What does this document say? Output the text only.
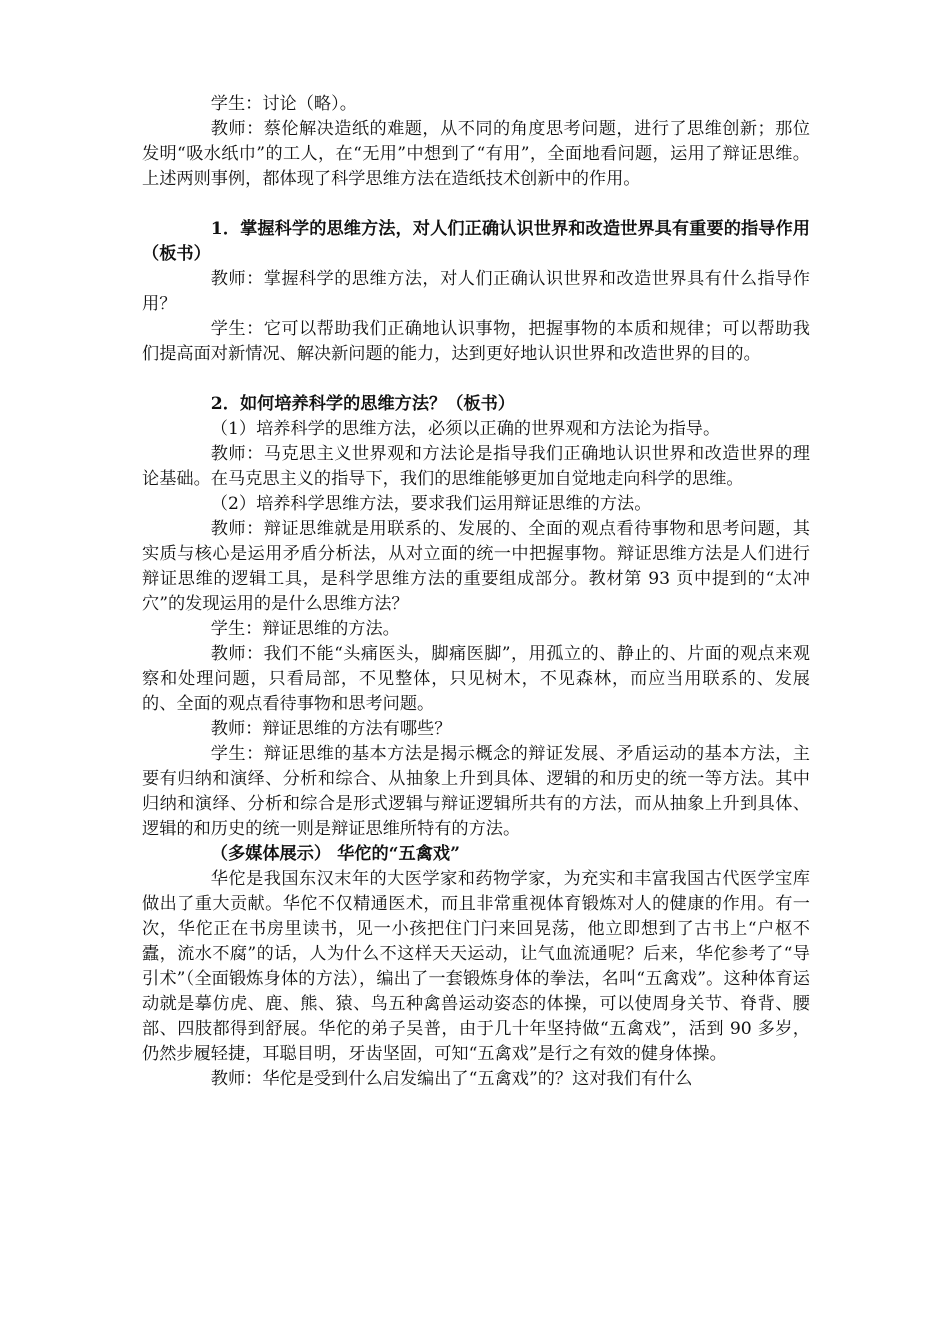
学生：讨论（略）。

教师：蔡伦解决造纸的难题，从不同的角度思考问题，进行了思维创新；那位发明“吸水纸巾”的工人，在“无用”中想到了“有用”，全面地看问题，运用了辩证思维。上述两则事例，都体现了科学思维方法在造纸技术创新中的作用。

1．掌握科学的思维方法，对人们正确认识世界和改造世界具有重要的指导作用（板书）

教师：掌握科学的思维方法，对人们正确认识世界和改造世界具有什么指导作用？

学生：它可以帮助我们正确地认识事物，把握事物的本质和规律；可以帮助我们提高面对新情况、解决新问题的能力，达到更好地认识世界和改造世界的目的。

2．如何培养科学的思维方法？（板书）

（1）培养科学的思维方法，必须以正确的世界观和方法论为指导。

教师：马克思主义世界观和方法论是指导我们正确地认识世界和改造世界的理论基础。在马克思主义的指导下，我们的思维能够更加自觉地走向科学的思维。

（2）培养科学思维方法，要求我们运用辩证思维的方法。

教师：辩证思维就是用联系的、发展的、全面的观点看待事物和思考问题，其实质与核心是运用矛盾分析法，从对立面的统一中把握事物。辩证思维方法是人们进行辩证思维的逻辑工具，是科学思维方法的重要组成部分。教材第 93 页中提到的“太冲穴”的发现运用的是什么思维方法？

学生：辩证思维的方法。

教师：我们不能“头痛医头，脚痛医脚”，用孤立的、静止的、片面的观点来观察和处理问题，只看局部，不见整体，只见树木，不见森林，而应当用联系的、发展的、全面的观点看待事物和思考问题。

教师：辩证思维的方法有哪些？

学生：辩证思维的基本方法是揭示概念的辩证发展、矛盾运动的基本方法，主要有归纳和演绎、分析和综合、从抽象上升到具体、逻辑的和历史的统一等方法。其中归纳和演绎、分析和综合是形式逻辑与辩证逻辑所共有的方法，而从抽象上升到具体、逻辑的和历史的统一则是辩证思维所特有的方法。

（多媒体展示） 华佗的“五禽戏”

华佗是我国东汉末年的大医学家和药物学家，为充实和丰富我国古代医学宝库做出了重大贡献。华佗不仅精通医术，而且非常重视体育锻炼对人的健康的作用。有一次，华佗正在书房里读书，见一小孩把住门闩来回晃荡，他立即想到了古书上“户枢不蠹，流水不腐”的话，人为什么不这样天天运动，让气血流通呢？后来，华佗参考了“导引术”（全面锻炼身体的方法），编出了一套锻炼身体的拳法，名叫“五禽戏”。这种体育运动就是摹仿虎、鹿、熊、猿、鸟五种禽兽运动姿态的体操，可以使周身关节、脊背、腰部、四肢都得到舒展。华佗的弟子吴普，由于几十年坚持做“五禽戏”，活到 90 多岁，仍然步履轻捷，耳聪目明，牙齿坚固，可知“五禽戏”是行之有效的健身体操。

教师：华佗是受到什么启发编出了“五禽戏”的？这对我们有什么
